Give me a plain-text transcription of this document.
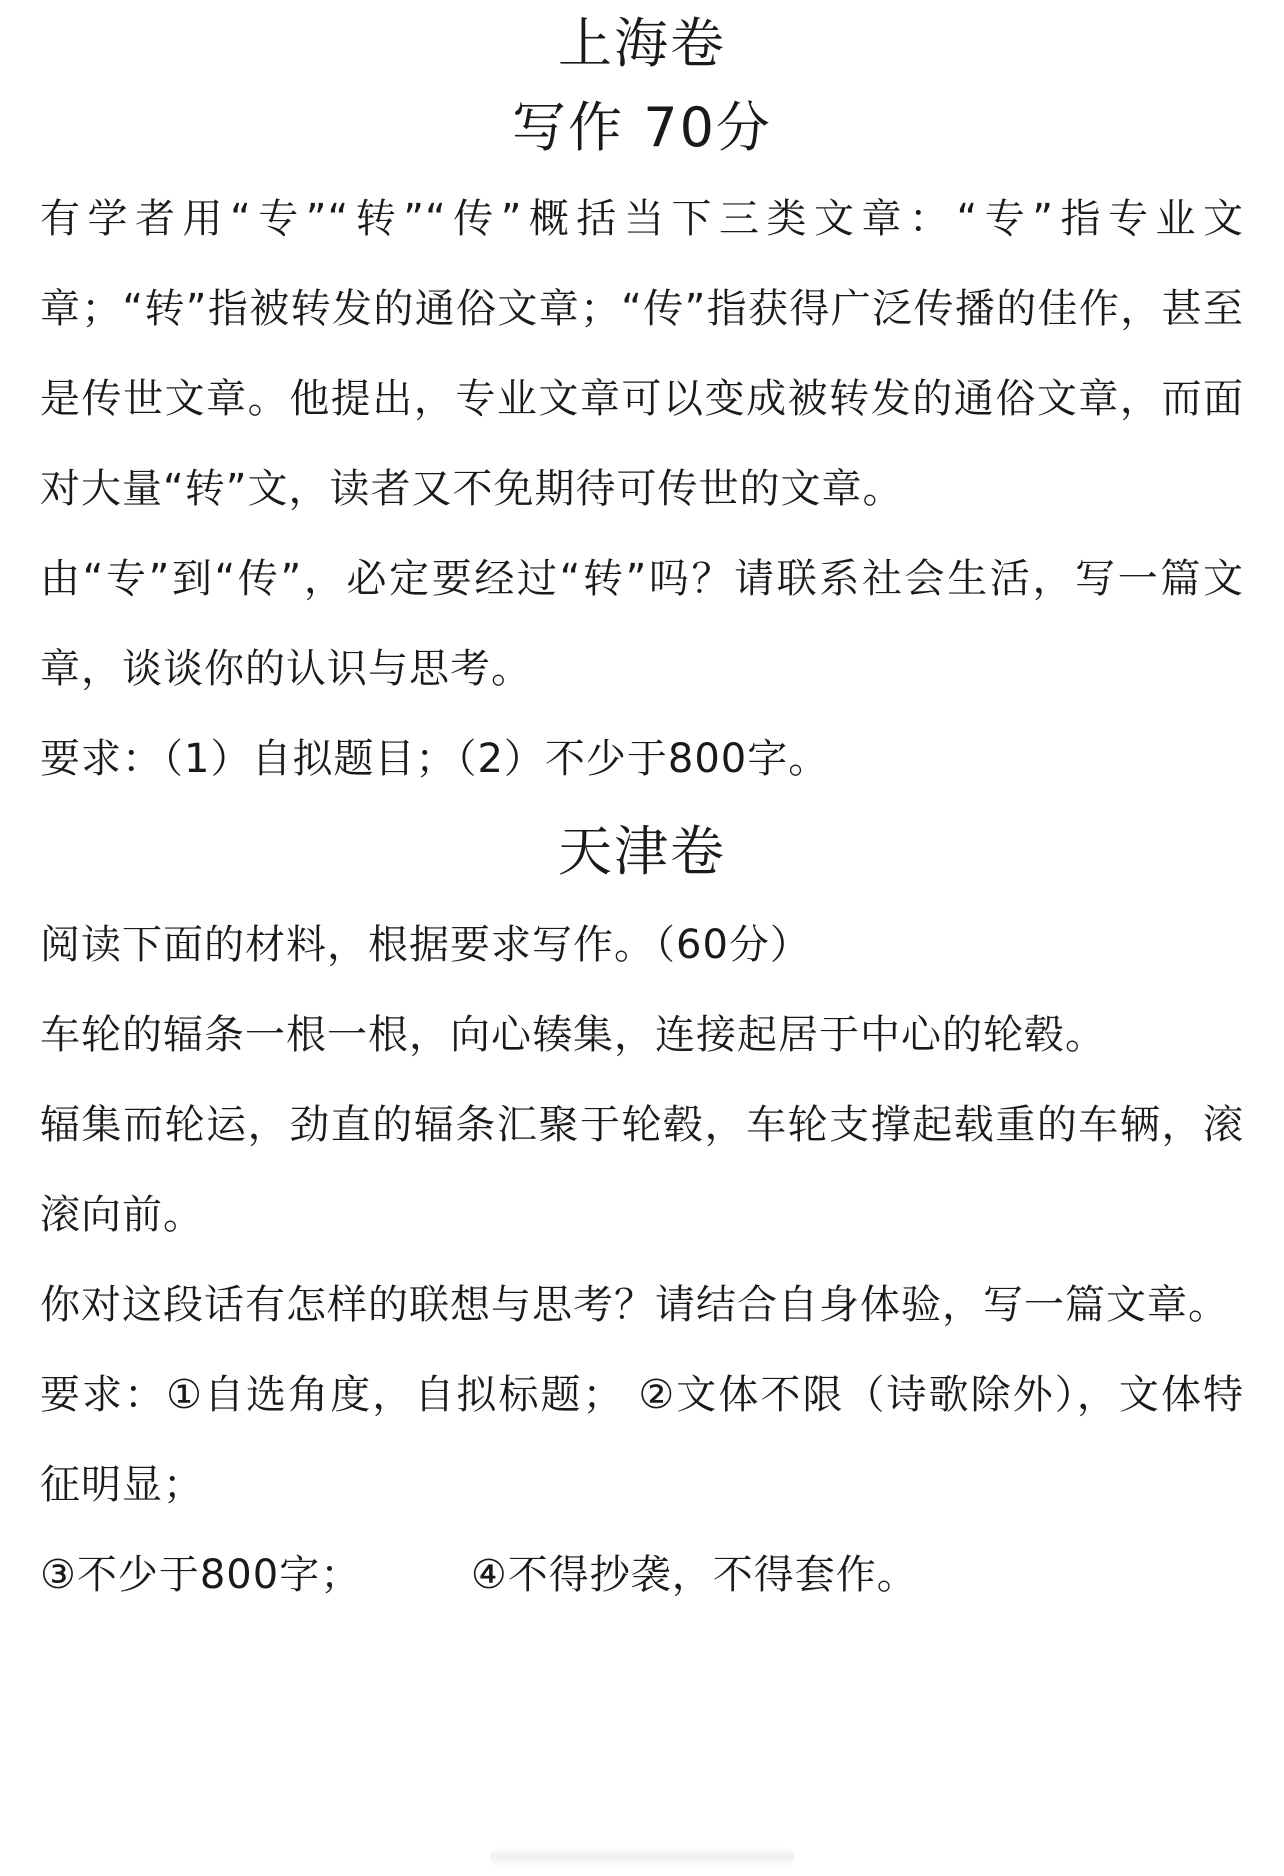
上海卷
写作 70分

有学者用“专”“转”“传”概括当下三类文章：“专”指专业文章；“转”指被转发的通俗文章；“传”指获得广泛传播的佳作，甚至是传世文章。他提出，专业文章可以变成被转发的通俗文章，而面对大量“转”文，读者又不免期待可传世的文章。

由“专”到“传”，必定要经过“转”吗？请联系社会生活，写一篇文章，谈谈你的认识与思考。

要求：（1）自拟题目；（2）不少于800字。

天津卷

阅读下面的材料，根据要求写作。（60分）

车轮的辐条一根一根，向心辏集，连接起居于中心的轮毂。

辐集而轮运，劲直的辐条汇聚于轮毂，车轮支撑起载重的车辆，滚滚向前。

你对这段话有怎样的联想与思考？请结合自身体验，写一篇文章。

要求：①自选角度，自拟标题； ②文体不限（诗歌除外），文体特征明显；

③不少于800字；        ④不得抄袭，不得套作。
